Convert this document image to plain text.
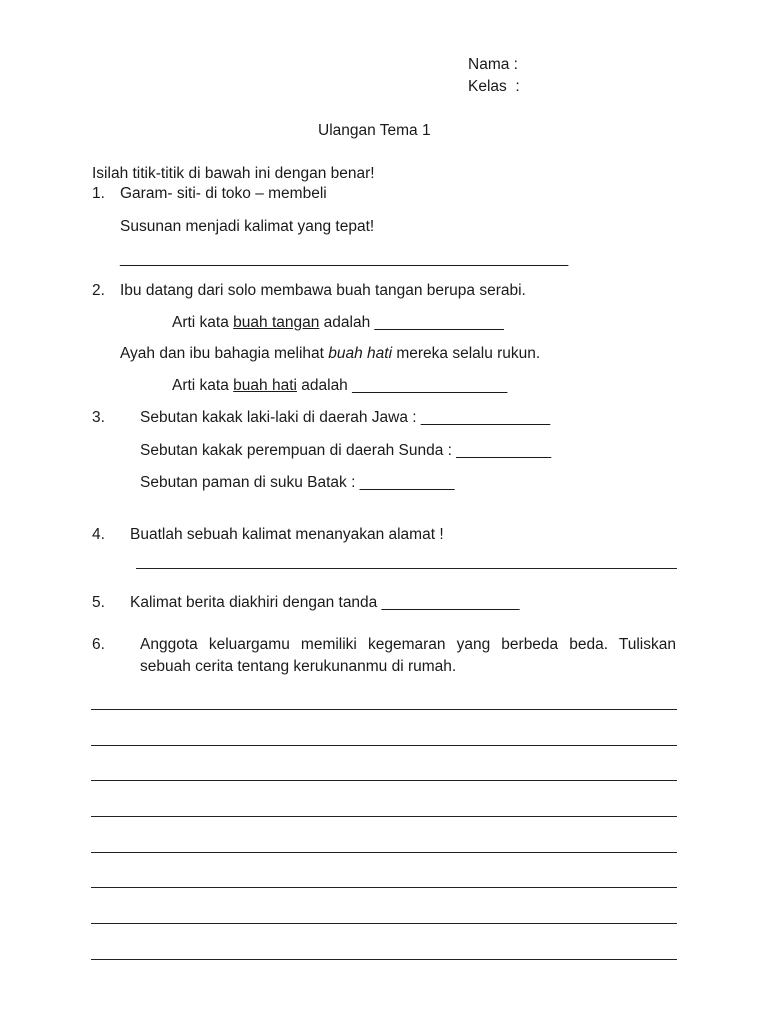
Nama :
Kelas  :
Ulangan Tema 1
Isilah titik-titik di bawah ini dengan benar!
1. Garam- siti- di toko – membeli
Susunan menjadi kalimat yang tepat!
____________________________________________________
2. Ibu datang dari solo membawa buah tangan berupa serabi.
Arti kata buah tangan adalah _______________
Ayah dan ibu bahagia melihat buah hati mereka selalu rukun.
Arti kata buah hati adalah __________________
3. Sebutan kakak laki-laki di daerah Jawa : _______________
Sebutan kakak perempuan di daerah Sunda : ___________
Sebutan paman di suku Batak : ___________
4. Buatlah sebuah kalimat menanyakan alamat !
5. Kalimat berita diakhiri dengan tanda ________________
6. Anggota keluargamu memiliki kegemaran yang berbeda beda. Tuliskan sebuah cerita tentang kerukunanmu di rumah.
